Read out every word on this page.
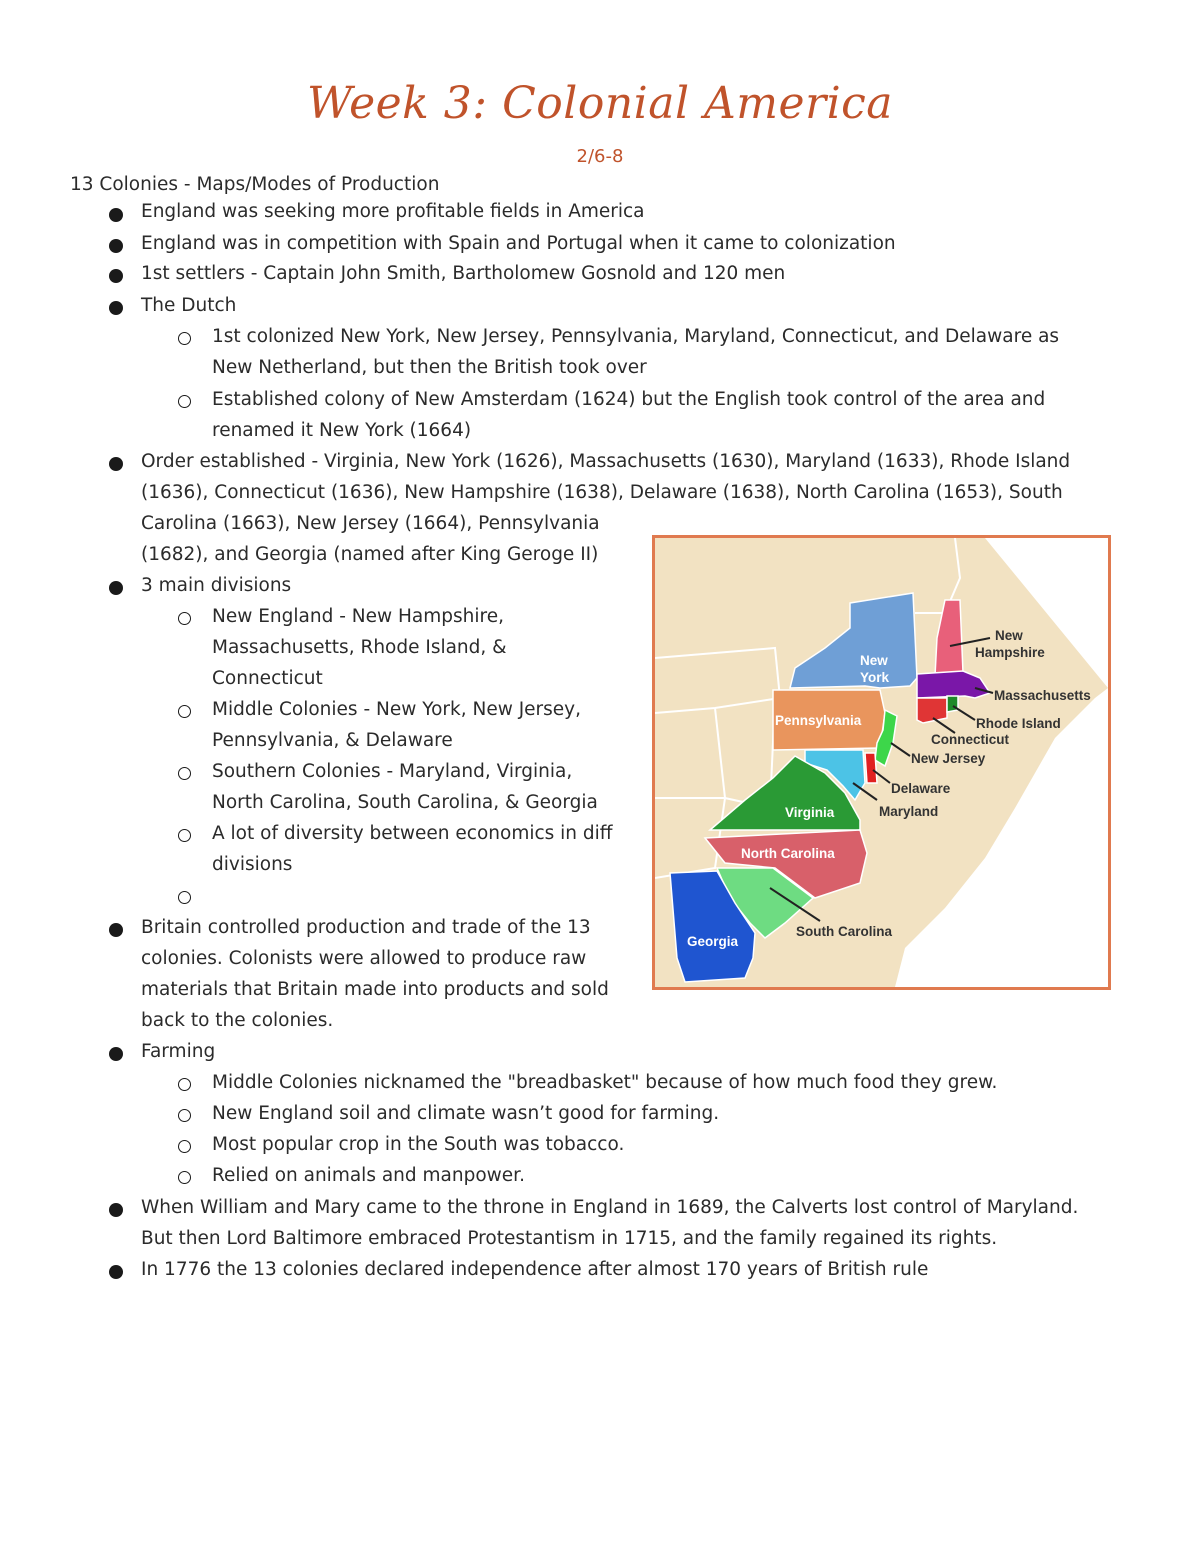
Week 3: Colonial America
2/6-8
13 Colonies - Maps/Modes of Production
England was seeking more profitable fields in America
England was in competition with Spain and Portugal when it came to colonization
1st settlers - Captain John Smith, Bartholomew Gosnold and 120 men
The Dutch
1st colonized New York, New Jersey, Pennsylvania, Maryland, Connecticut, and Delaware as
New Netherland, but then the British took over
Established colony of New Amsterdam (1624) but the English took control of the area and
renamed it New York (1664)
Order established - Virginia, New York (1626), Massachusetts (1630), Maryland (1633), Rhode Island
(1636), Connecticut (1636), New Hampshire (1638), Delaware (1638), North Carolina (1653), South
Carolina (1663), New Jersey (1664), Pennsylvania
(1682), and Georgia (named after King Geroge II)
3 main divisions
New England - New Hampshire,
Massachusetts, Rhode Island, &
Connecticut
Middle Colonies - New York, New Jersey,
Pennsylvania, & Delaware
Southern Colonies - Maryland, Virginia,
North Carolina, South Carolina, & Georgia
A lot of diversity between economics in diff
divisions
Britain controlled production and trade of the 13
colonies. Colonists were allowed to produce raw
materials that Britain made into products and sold
back to the colonies.
Farming
Middle Colonies nicknamed the "breadbasket" because of how much food they grew.
New England soil and climate wasn’t good for farming.
Most popular crop in the South was tobacco.
Relied on animals and manpower.
When William and Mary came to the throne in England in 1689, the Calverts lost control of Maryland.
But then Lord Baltimore embraced Protestantism in 1715, and the family regained its rights.
In 1776 the 13 colonies declared independence after almost 170 years of British rule
New
York
New
Hampshire
Massachusetts
Rhode Island
Connecticut
Pennsylvania
New Jersey
Delaware
Maryland
Virginia
North Carolina
South Carolina
Georgia
